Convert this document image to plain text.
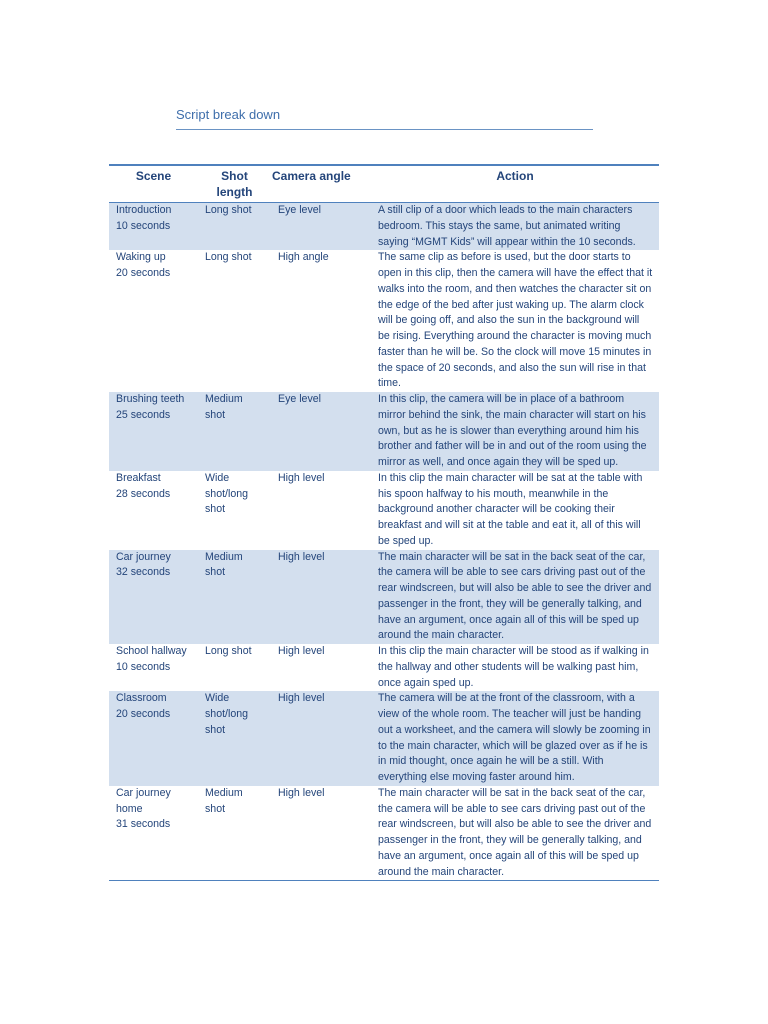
Script break down
Scene	Shot length	Camera angle	Action

Introduction
10 seconds	Long shot	Eye level	A still clip of a door which leads to the main characters bedroom. This stays the same, but animated writing saying “MGMT Kids” will appear within the 10 seconds.

Waking up
20 seconds	Long shot	High angle	The same clip as before is used, but the door starts to open in this clip, then the camera will have the effect that it walks into the room, and then watches the character sit on the edge of the bed after just waking up. The alarm clock will be going off, and also the sun in the background will be rising. Everything around the character is moving much faster than he will be. So the clock will move 15 minutes in the space of 20 seconds, and also the sun will rise in that time.

Brushing teeth
25 seconds	Medium shot	Eye level	In this clip, the camera will be in place of a bathroom mirror behind the sink, the main character will start on his own, but as he is slower than everything around him his brother and father will be in and out of the room using the mirror as well, and once again they will be sped up.

Breakfast
28 seconds	Wide shot/long shot	High level	In this clip the main character will be sat at the table with his spoon halfway to his mouth, meanwhile in the background another character will be cooking their breakfast and will sit at the table and eat it, all of this will be sped up.

Car journey
32 seconds	Medium shot	High level	The main character will be sat in the back seat of the car, the camera will be able to see cars driving past out of the rear windscreen, but will also be able to see the driver and passenger in the front, they will be generally talking, and have an argument, once again all of this will be sped up around the main character.

School hallway
10 seconds	Long shot	High level	In this clip the main character will be stood as if walking in the hallway and other students will be walking past him, once again sped up.

Classroom
20 seconds	Wide shot/long shot	High level	The camera will be at the front of the classroom, with a view of the whole room. The teacher will just be handing out a worksheet, and the camera will slowly be zooming in to the main character, which will be glazed over as if he is in mid thought, once again he will be a still. With everything else moving faster around him.

Car journey home
31 seconds	Medium shot	High level	The main character will be sat in the back seat of the car, the camera will be able to see cars driving past out of the rear windscreen, but will also be able to see the driver and passenger in the front, they will be generally talking, and have an argument, once again all of this will be sped up around the main character.
